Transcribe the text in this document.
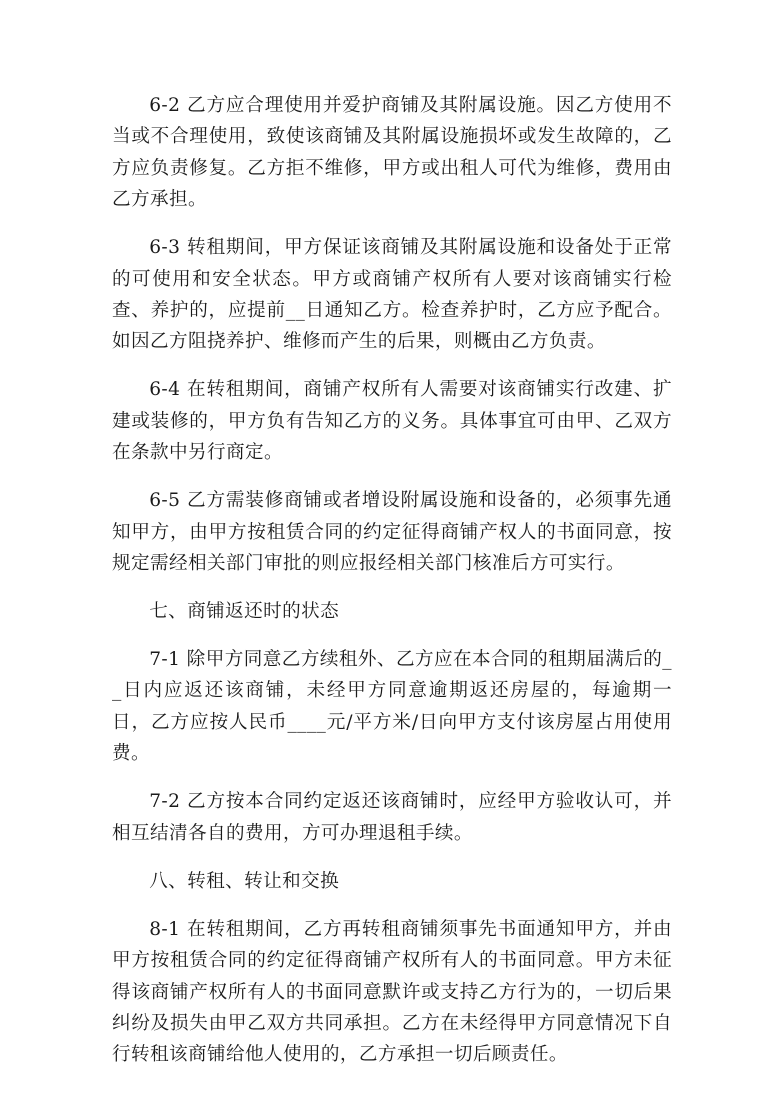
6-2 乙方应合理使用并爱护商铺及其附属设施。因乙方使用不当或不合理使用，致使该商铺及其附属设施损坏或发生故障的，乙方应负责修复。乙方拒不维修，甲方或出租人可代为维修，费用由乙方承担。

6-3 转租期间，甲方保证该商铺及其附属设施和设备处于正常的可使用和安全状态。甲方或商铺产权所有人要对该商铺实行检查、养护的，应提前__日通知乙方。检查养护时，乙方应予配合。如因乙方阻挠养护、维修而产生的后果，则概由乙方负责。

6-4 在转租期间，商铺产权所有人需要对该商铺实行改建、扩建或装修的，甲方负有告知乙方的义务。具体事宜可由甲、乙双方在条款中另行商定。

6-5 乙方需装修商铺或者增设附属设施和设备的，必须事先通知甲方，由甲方按租赁合同的约定征得商铺产权人的书面同意，按规定需经相关部门审批的则应报经相关部门核准后方可实行。

七、商铺返还时的状态

7-1 除甲方同意乙方续租外、乙方应在本合同的租期届满后的__日内应返还该商铺，未经甲方同意逾期返还房屋的，每逾期一日，乙方应按人民币____元/平方米/日向甲方支付该房屋占用使用费。

7-2 乙方按本合同约定返还该商铺时，应经甲方验收认可，并相互结清各自的费用，方可办理退租手续。

八、转租、转让和交换

8-1 在转租期间，乙方再转租商铺须事先书面通知甲方，并由甲方按租赁合同的约定征得商铺产权所有人的书面同意。甲方未征得该商铺产权所有人的书面同意默许或支持乙方行为的，一切后果纠纷及损失由甲乙双方共同承担。乙方在未经得甲方同意情况下自行转租该商铺给他人使用的，乙方承担一切后顾责任。
